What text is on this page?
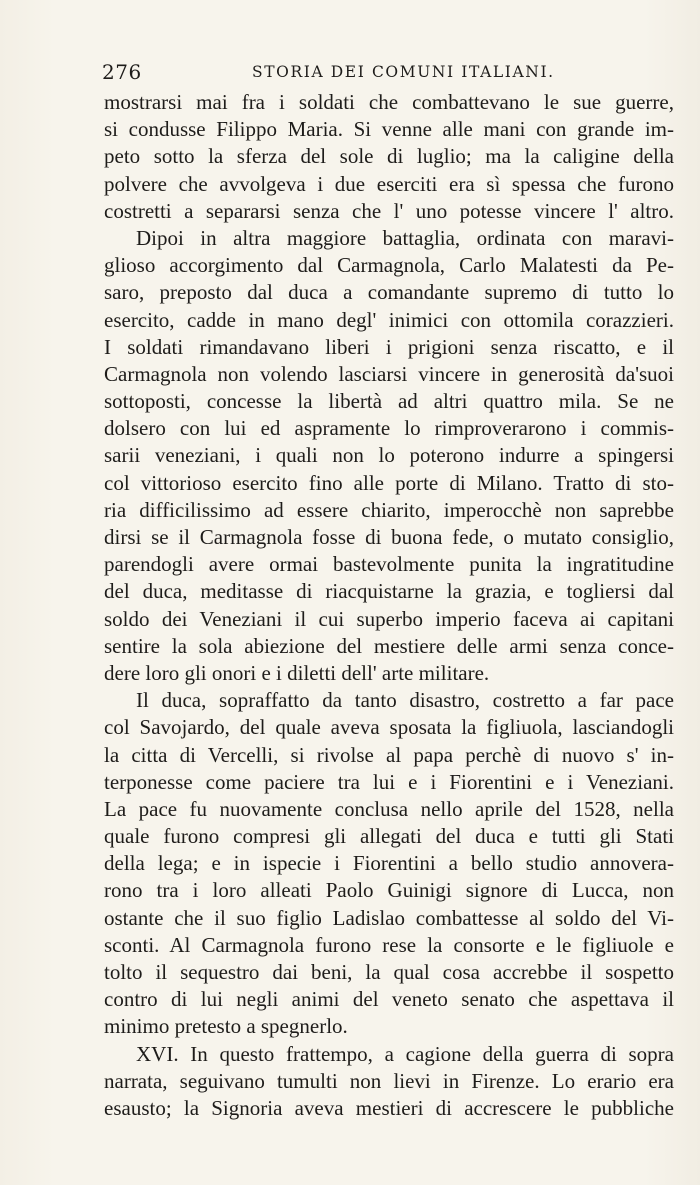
276	STORIA DEI COMUNI ITALIANI.
mostrarsi mai fra i soldati che combattevano le sue guerre,
si condusse Filippo Maria. Si venne alle mani con grande im-
peto sotto la sferza del sole di luglio; ma la caligine della
polvere che avvolgeva i due eserciti era sì spessa che furono
costretti a separarsi senza che l' uno potesse vincere l' altro.
Dipoi in altra maggiore battaglia, ordinata con maravi-
glioso accorgimento dal Carmagnola, Carlo Malatesti da Pe-
saro, preposto dal duca a comandante supremo di tutto lo
esercito, cadde in mano degl' inimici con ottomila corazzieri.
I soldati rimandavano liberi i prigioni senza riscatto, e il
Carmagnola non volendo lasciarsi vincere in generosità da'suoi
sottoposti, concesse la libertà ad altri quattro mila. Se ne
dolsero con lui ed aspramente lo rimproverarono i commis-
sarii veneziani, i quali non lo poterono indurre a spingersi
col vittorioso esercito fino alle porte di Milano. Tratto di sto-
ria difficilissimo ad essere chiarito, imperocchè non saprebbe
dirsi se il Carmagnola fosse di buona fede, o mutato consiglio,
parendogli avere ormai bastevolmente punita la ingratitudine
del duca, meditasse di riacquistarne la grazia, e togliersi dal
soldo dei Veneziani il cui superbo imperio faceva ai capitani
sentire la sola abiezione del mestiere delle armi senza conce-
dere loro gli onori e i diletti dell' arte militare.
Il duca, sopraffatto da tanto disastro, costretto a far pace
col Savojardo, del quale aveva sposata la figliuola, lasciandogli
la citta di Vercelli, si rivolse al papa perchè di nuovo s' in-
terponesse come paciere tra lui e i Fiorentini e i Veneziani.
La pace fu nuovamente conclusa nello aprile del 1528, nella
quale furono compresi gli allegati del duca e tutti gli Stati
della lega; e in ispecie i Fiorentini a bello studio annovera-
rono tra i loro alleati Paolo Guinigi signore di Lucca, non
ostante che il suo figlio Ladislao combattesse al soldo del Vi-
sconti. Al Carmagnola furono rese la consorte e le figliuole e
tolto il sequestro dai beni, la qual cosa accrebbe il sospetto
contro di lui negli animi del veneto senato che aspettava il
minimo pretesto a spegnerlo.
XVI. In questo frattempo, a cagione della guerra di sopra
narrata, seguivano tumulti non lievi in Firenze. Lo erario era
esausto; la Signoria aveva mestieri di accrescere le pubbliche
